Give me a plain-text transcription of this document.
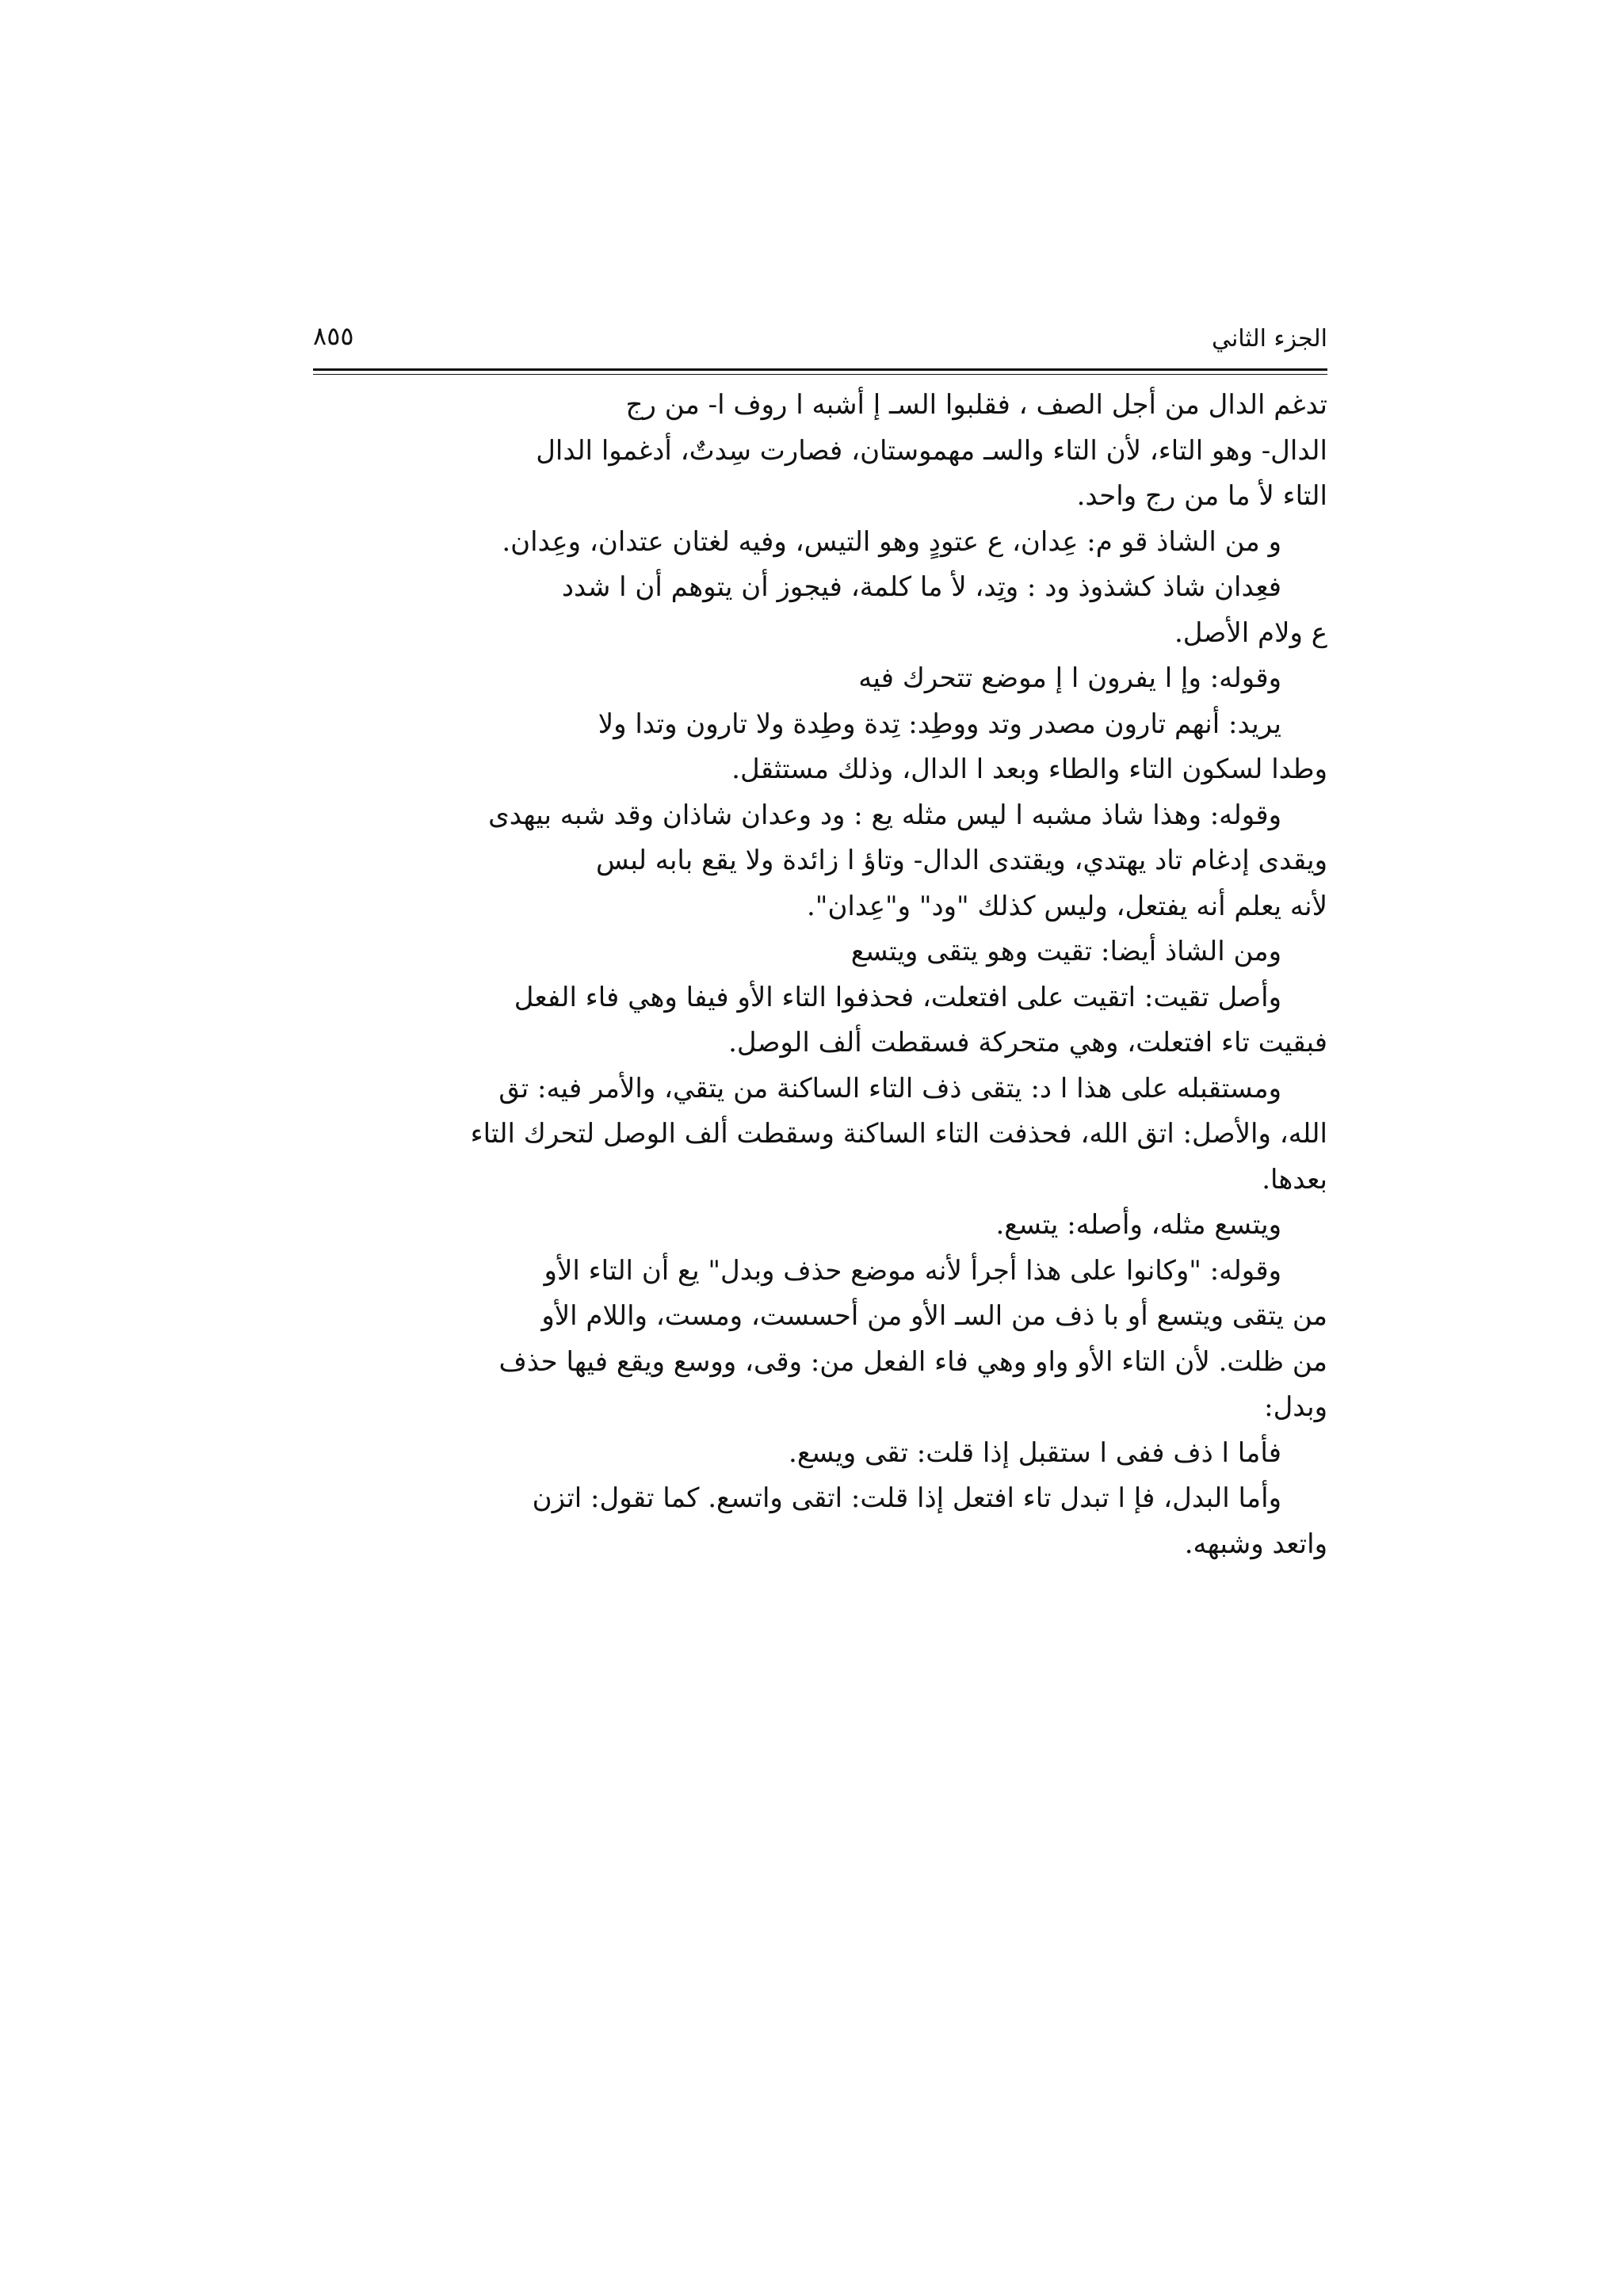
الجزء الثاني
٨٥٥
تدغم الدال من أجل الصف ، فقلبوا السـ إ أشبه ا روف ا- من رج
الدال- وهو التاء، لأن التاء والسـ مهموستان، فصارت سِدتٌ، أدغموا الدال
التاء لأ ما من رج واحد.
و من الشاذ قو م: عِدان، ع عتودٍ وهو التيس، وفيه لغتان عتدان، وعِدان.
فعِدان شاذ كشذوذ ود : وتِد، لأ ما كلمة، فيجوز أن يتوهم أن ا شدد
ع ولام الأصل.
وقوله: وإ ا يفرون ا إ موضع تتحرك فيه
يريد: أنهم تارون مصدر وتد ووطِد: تِدة وطِدة ولا تارون وتدا ولا
وطدا لسكون التاء والطاء وبعد ا الدال، وذلك مستثقل.
وقوله: وهذا شاذ مشبه ا ليس مثله يع : ود وعدان شاذان وقد شبه بيهدى
ويقدى إدغام تاد يهتدي، ويقتدى الدال- وتاؤ ا زائدة ولا يقع بابه لبس
لأنه يعلم أنه يفتعل، وليس كذلك "ود" و"عِدان".
ومن الشاذ أيضا: تقيت وهو يتقى ويتسع
وأصل تقيت: اتقيت على افتعلت، فحذفوا التاء الأو فيفا وهي فاء الفعل
فبقيت تاء افتعلت، وهي متحركة فسقطت ألف الوصل.
ومستقبله على هذا ا د: يتقى ذف التاء الساكنة من يتقي، والأمر فيه: تق
الله، والأصل: اتق الله، فحذفت التاء الساكنة وسقطت ألف الوصل لتحرك التاء
بعدها.
ويتسع مثله، وأصله: يتسع.
وقوله: "وكانوا على هذا أجرأ لأنه موضع حذف وبدل" يع أن التاء الأو
من يتقى ويتسع أو با ذف من السـ الأو من أحسست، ومست، واللام الأو
من ظلت. لأن التاء الأو واو وهي فاء الفعل من: وقى، ووسع ويقع فيها حذف
وبدل:
فأما ا ذف ففى ا ستقبل إذا قلت: تقى ويسع.
وأما البدل، فإ ا تبدل تاء افتعل إذا قلت: اتقى واتسع. كما تقول: اتزن
واتعد وشبهه.
